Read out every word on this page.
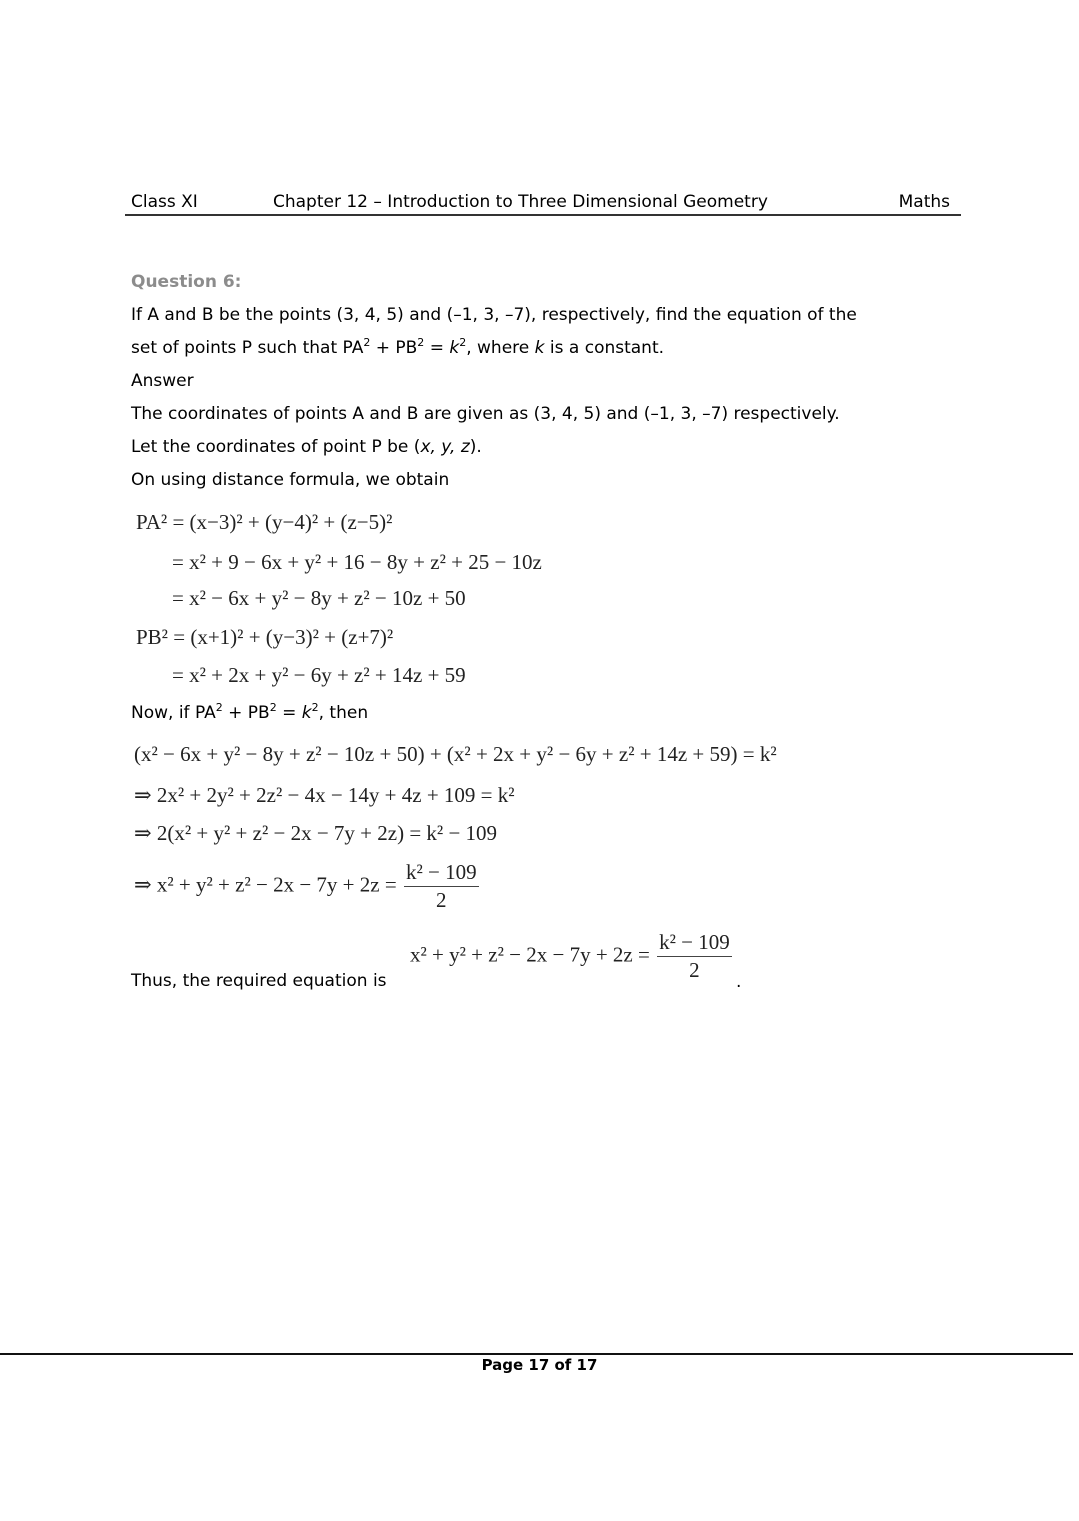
Class XI	Chapter 12 – Introduction to Three Dimensional Geometry	Maths
Question 6:
If A and B be the points (3, 4, 5) and (–1, 3, –7), respectively, find the equation of the
set of points P such that $PA^2 + PB^2 = k^2$, where k is a constant.
Answer
The coordinates of points A and B are given as (3, 4, 5) and (–1, 3, –7) respectively.
Let the coordinates of point P be (x, y, z).
On using distance formula, we obtain
PA² = (x−3)² + (y−4)² + (z−5)²
= x² + 9 − 6x + y² + 16 − 8y + z² + 25 − 10z
= x² − 6x + y² − 8y + z² − 10z + 50
PB² = (x+1)² + (y−3)² + (z+7)²
= x² + 2x + y² − 6y + z² + 14z + 59
Now, if $PA^2 + PB^2 = k^2$, then
(x² − 6x + y² − 8y + z² − 10z + 50) + (x² + 2x + y² − 6y + z² + 14z + 59) = k²
⇒ 2x² + 2y² + 2z² − 4x − 14y + 4z + 109 = k²
⇒ 2(x² + y² + z² − 2x − 7y + 2z) = k² − 109
⇒ $x^2 + y^2 + z^2 - 2x - 7y + 2z = \frac{\text{k² − 109}}{2}$
Thus, the required equation is
$x^2 + y^2 + z^2 - 2x - 7y + 2z = \frac{\text{k² − 109}}{2}$ .
Page 17 of 17
